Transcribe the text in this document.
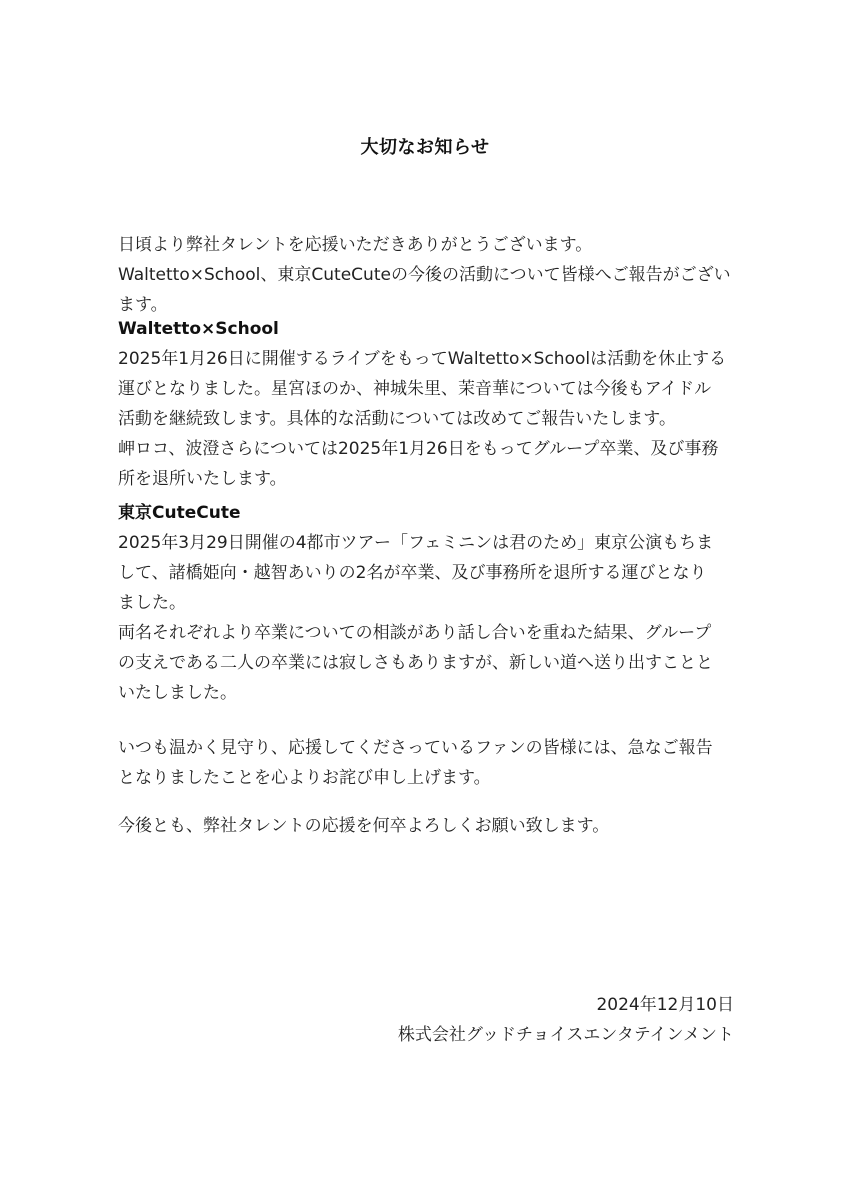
大切なお知らせ
日頃より弊社タレントを応援いただきありがとうございます。
Waltetto×School、東京CuteCuteの今後の活動について皆様へご報告がござい
ます。
Waltetto×School
2025年1月26日に開催するライブをもってWaltetto×Schoolは活動を休止する
運びとなりました。星宮ほのか、神城朱里、茉音華については今後もアイドル
活動を継続致します。具体的な活動については改めてご報告いたします。
岬ロコ、波澄さらについては2025年1月26日をもってグループ卒業、及び事務
所を退所いたします。
東京CuteCute
2025年3月29日開催の4都市ツアー「フェミニンは君のため」東京公演もちま
して、諸橋姫向・越智あいりの2名が卒業、及び事務所を退所する運びとなり
ました。
両名それぞれより卒業についての相談があり話し合いを重ねた結果、グループ
の支えである二人の卒業には寂しさもありますが、新しい道へ送り出すことと
いたしました。
いつも温かく見守り、応援してくださっているファンの皆様には、急なご報告
となりましたことを心よりお詫び申し上げます。
今後とも、弊社タレントの応援を何卒よろしくお願い致します。
2024年12月10日
株式会社グッドチョイスエンタテインメント
